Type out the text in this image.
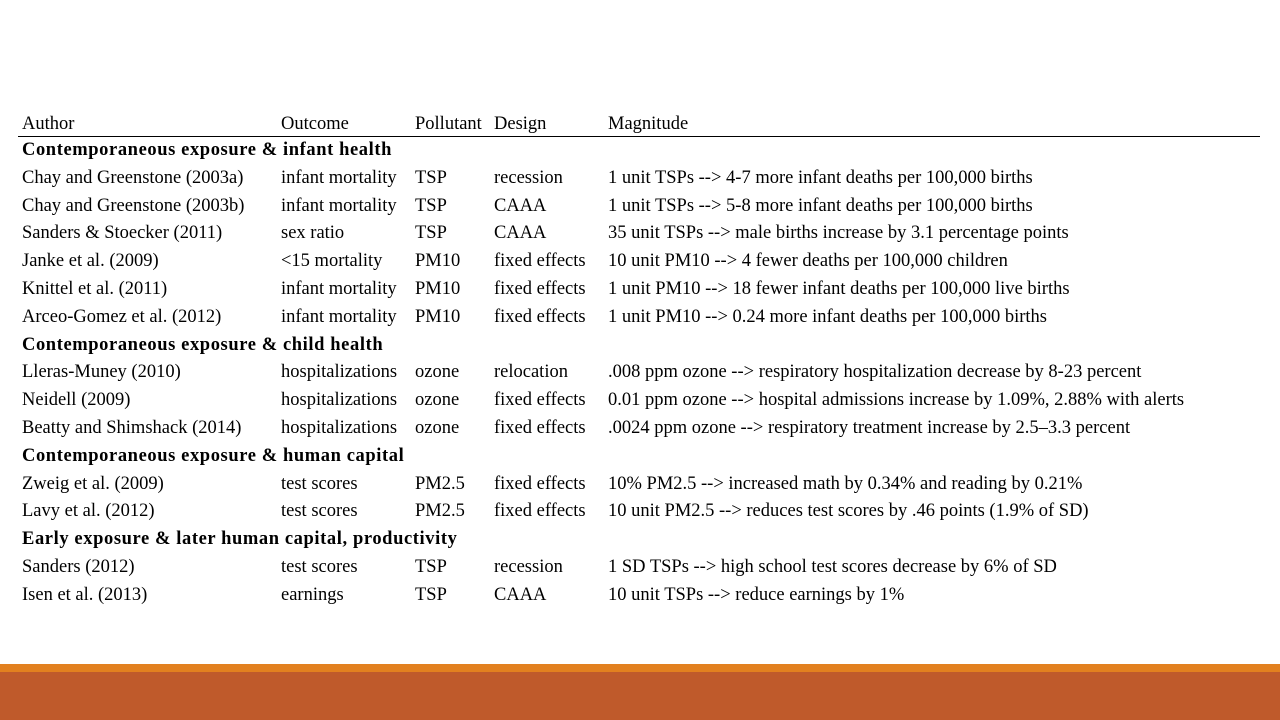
Author	Outcome	Pollutant	Design	Magnitude
Contemporaneous exposure & infant health				
Chay and Greenstone (2003a)	infant mortality	TSP	recession	1 unit TSPs --> 4-7 more infant deaths per 100,000 births
Chay and Greenstone (2003b)	infant mortality	TSP	CAAA	1 unit TSPs --> 5-8 more infant deaths per 100,000 births
Sanders & Stoecker (2011)	sex ratio	TSP	CAAA	35 unit TSPs --> male births increase by 3.1 percentage points
Janke et al. (2009)	<15 mortality	PM10	fixed effects	10 unit PM10 --> 4 fewer deaths per 100,000 children
Knittel et al. (2011)	infant mortality	PM10	fixed effects	1 unit PM10 --> 18 fewer infant deaths per 100,000 live births
Arceo-Gomez et al. (2012)	infant mortality	PM10	fixed effects	1 unit PM10 --> 0.24 more infant deaths per 100,000 births
Contemporaneous exposure & child health				
Lleras-Muney (2010)	hospitalizations	ozone	relocation	.008 ppm ozone --> respiratory hospitalization decrease by 8-23 percent
Neidell (2009)	hospitalizations	ozone	fixed effects	0.01 ppm ozone --> hospital admissions increase by 1.09%, 2.88% with alerts
Beatty and Shimshack (2014)	hospitalizations	ozone	fixed effects	.0024 ppm ozone --> respiratory treatment increase by 2.5–3.3 percent
Contemporaneous exposure & human capital				
Zweig et al. (2009)	test scores	PM2.5	fixed effects	10% PM2.5 --> increased math by 0.34% and reading by 0.21%
Lavy et al. (2012)	test scores	PM2.5	fixed effects	10 unit PM2.5 --> reduces test scores by .46 points (1.9% of SD)
Early exposure & later human capital, productivity				
Sanders (2012)	test scores	TSP	recession	1 SD TSPs --> high school test scores decrease by 6% of SD
Isen et al. (2013)	earnings	TSP	CAAA	10 unit TSPs --> reduce earnings by 1%
